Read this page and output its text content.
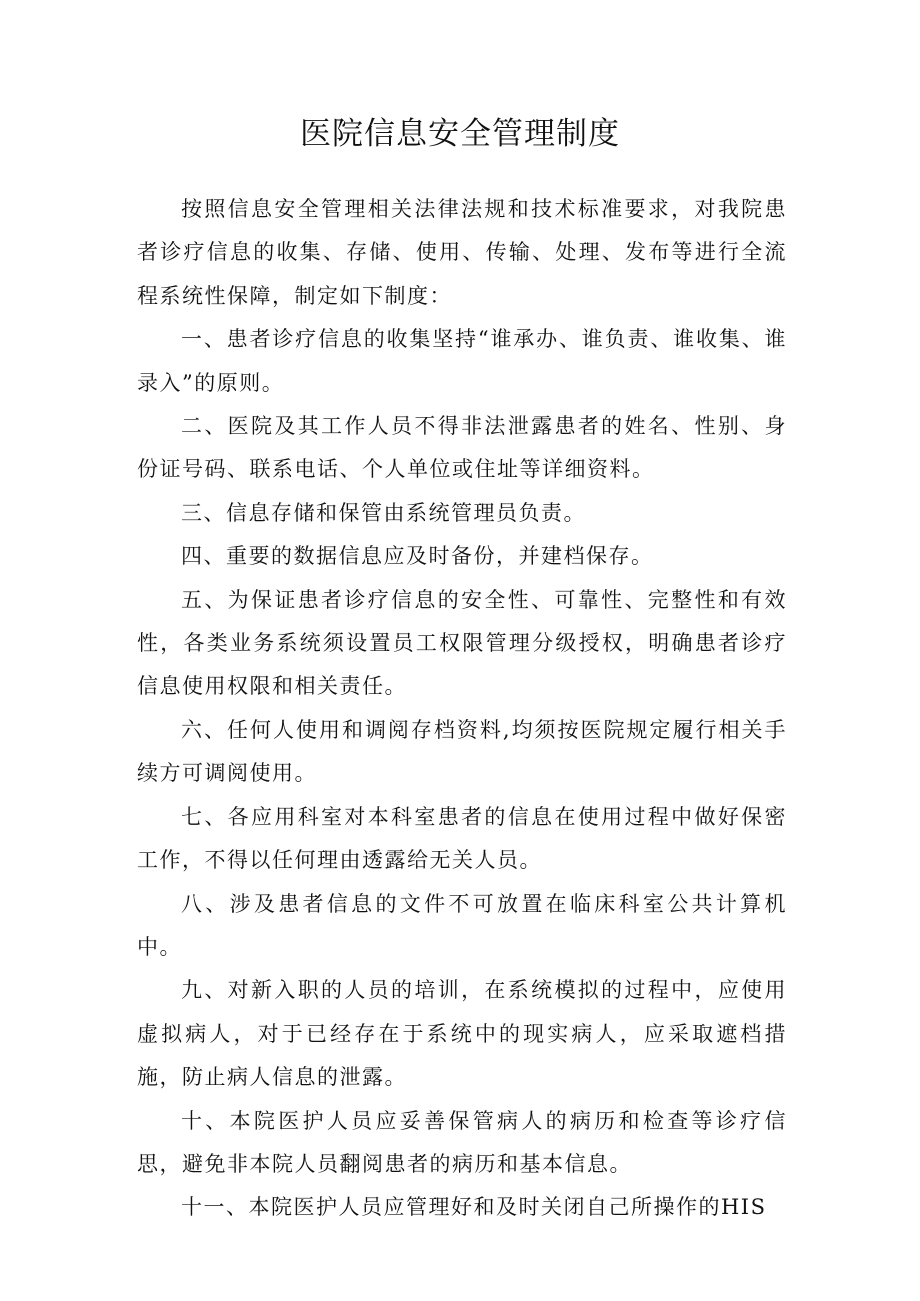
医院信息安全管理制度

按照信息安全管理相关法律法规和技术标准要求，对我院患者诊疗信息的收集、存储、使用、传输、处理、发布等进行全流程系统性保障，制定如下制度：

一、患者诊疗信息的收集坚持“谁承办、谁负责、谁收集、谁录入”的原则。

二、医院及其工作人员不得非法泄露患者的姓名、性别、身份证号码、联系电话、个人单位或住址等详细资料。

三、信息存储和保管由系统管理员负责。

四、重要的数据信息应及时备份，并建档保存。

五、为保证患者诊疗信息的安全性、可靠性、完整性和有效性，各类业务系统须设置员工权限管理分级授权，明确患者诊疗信息使用权限和相关责任。

六、任何人使用和调阅存档资料,均须按医院规定履行相关手续方可调阅使用。

七、各应用科室对本科室患者的信息在使用过程中做好保密工作，不得以任何理由透露给无关人员。

八、涉及患者信息的文件不可放置在临床科室公共计算机中。

九、对新入职的人员的培训，在系统模拟的过程中，应使用虚拟病人，对于已经存在于系统中的现实病人，应采取遮档措施，防止病人信息的泄露。

十、本院医护人员应妥善保管病人的病历和检查等诊疗信思，避免非本院人员翻阅患者的病历和基本信息。

十一、本院医护人员应管理好和及时关闭自己所操作的HIS
